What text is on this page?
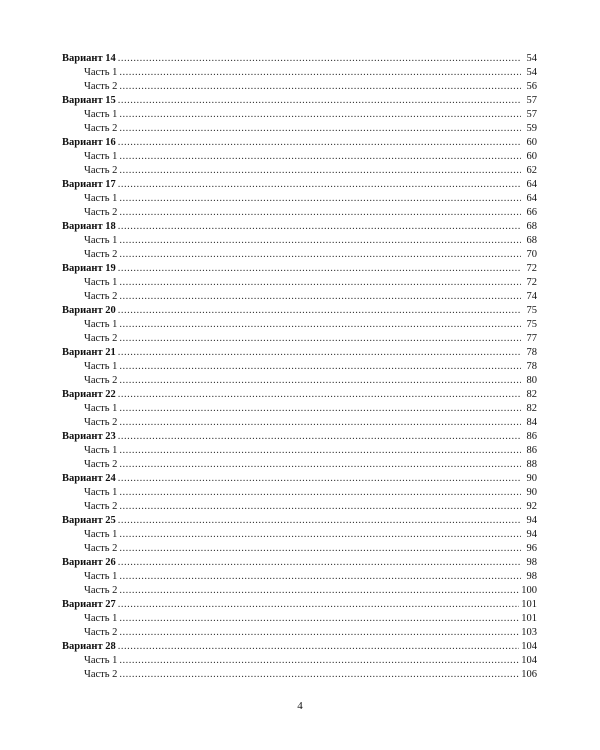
Вариант 14 .....	54
Часть 1 .....	54
Часть 2 .....	56
Вариант 15 .....	57
Часть 1 .....	57
Часть 2 .....	59
Вариант 16 .....	60
Часть 1 .....	60
Часть 2 .....	62
Вариант 17 .....	64
Часть 1 .....	64
Часть 2 .....	66
Вариант 18 .....	68
Часть 1 .....	68
Часть 2 .....	70
Вариант 19 .....	72
Часть 1 .....	72
Часть 2 .....	74
Вариант 20 .....	75
Часть 1 .....	75
Часть 2 .....	77
Вариант 21 .....	78
Часть 1 .....	78
Часть 2 .....	80
Вариант 22 .....	82
Часть 1 .....	82
Часть 2 .....	84
Вариант 23 .....	86
Часть 1 .....	86
Часть 2 .....	88
Вариант 24 .....	90
Часть 1 .....	90
Часть 2 .....	92
Вариант 25 .....	94
Часть 1 .....	94
Часть 2 .....	96
Вариант 26 .....	98
Часть 1 .....	98
Часть 2 .....	100
Вариант 27 .....	101
Часть 1 .....	101
Часть 2 .....	103
Вариант 28 .....	104
Часть 1 .....	104
Часть 2 .....	106
4
